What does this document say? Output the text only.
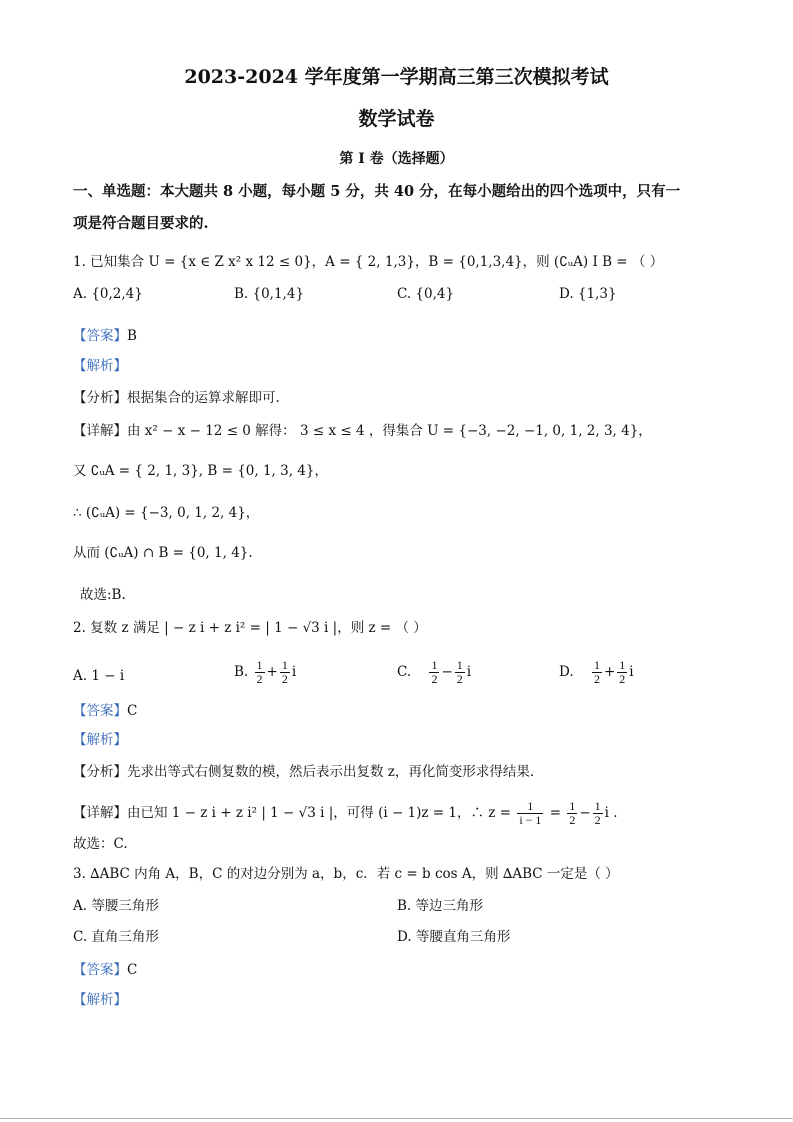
2023-2024 学年度第一学期高三第三次模拟考试
数学试卷
第 I 卷（选择题）
一、单选题：本大题共 8 小题，每小题 5 分，共 40 分，在每小题给出的四个选项中，只有一
项是符合题目要求的.
1. 已知集合 U = {x ∈ Z x² x 12 ≤ 0}，A = { 2, 1,3}，B = {0,1,3,4}，则 (∁ᵤA) I B = （ ）
A. {0,2,4}	B. {0,1,4}	C. {0,4}	D. {1,3}
【答案】B
【解析】
【分析】根据集合的运算求解即可.
【详解】由 x² − x − 12 ≤ 0 解得： 3 ≤ x ≤ 4 ，得集合 U = {−3, −2, −1, 0, 1, 2, 3, 4}，
又 ∁ᵤA = { 2, 1, 3}, B = {0, 1, 3, 4}，
∴ (∁ᵤA) = {−3, 0, 1, 2, 4}，
从而 (∁ᵤA) ∩ B = {0, 1, 4}.
故选:B.
2. 复数 z 满足 | − z i + z i² = | 1 − √3 i |，则 z = （ ）
A. 1 − i	B. $\frac{1}{2} + \frac{1}{2}$ i	C. $\frac{1}{2} - \frac{1}{2}$ i	D. $\frac{1}{2} + \frac{1}{2}$ i
【答案】C
【解析】
【分析】先求出等式右侧复数的模，然后表示出复数 z，再化简变形求得结果.
【详解】由已知 1 − z i + z i² | 1 − √3 i |，可得 (i − 1)z = 1，∴ $z = \frac{1}{i - 1} = \frac{1}{2} - \frac{1}{2}$ i .
故选：C.
3. ∆ABC 内角 A，B，C 的对边分别为 a，b，c．若 c = b cos A，则 ∆ABC 一定是（ ）
A. 等腰三角形	B. 等边三角形
C. 直角三角形	D. 等腰直角三角形
【答案】C
【解析】
